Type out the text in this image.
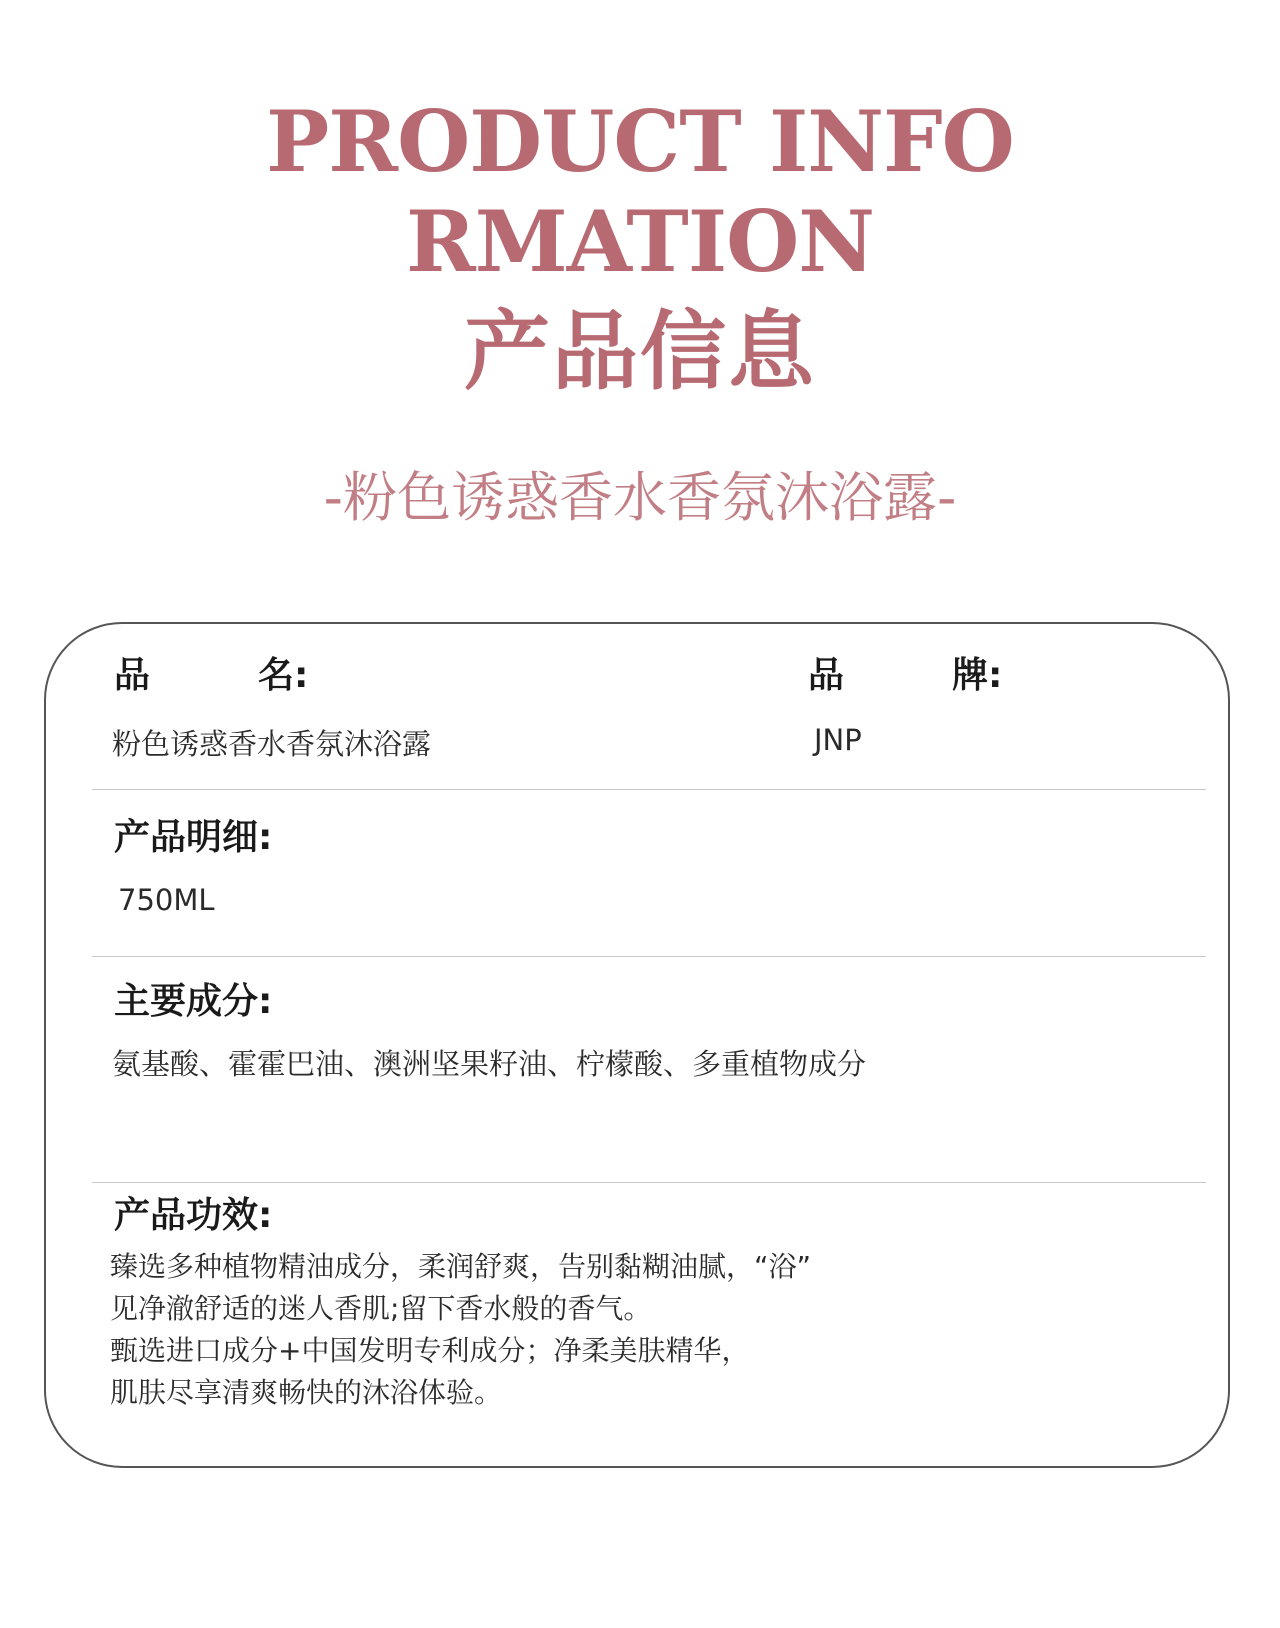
PRODUCT INFO
RMATION
产品信息
-粉色诱惑香水香氛沐浴露-
品　　　名:
粉色诱惑香水香氛沐浴露
品　　　牌:
JNP
产品明细:
750ML
主要成分:
氨基酸、霍霍巴油、澳洲坚果籽油、柠檬酸、多重植物成分
产品功效:

臻选多种植物精油成分，柔润舒爽，告别黏糊油腻，“浴”

见净澈舒适的迷人香肌;留下香水般的香气。

甄选进口成分+中国发明专利成分；净柔美肤精华，

肌肤尽享清爽畅快的沐浴体验。
